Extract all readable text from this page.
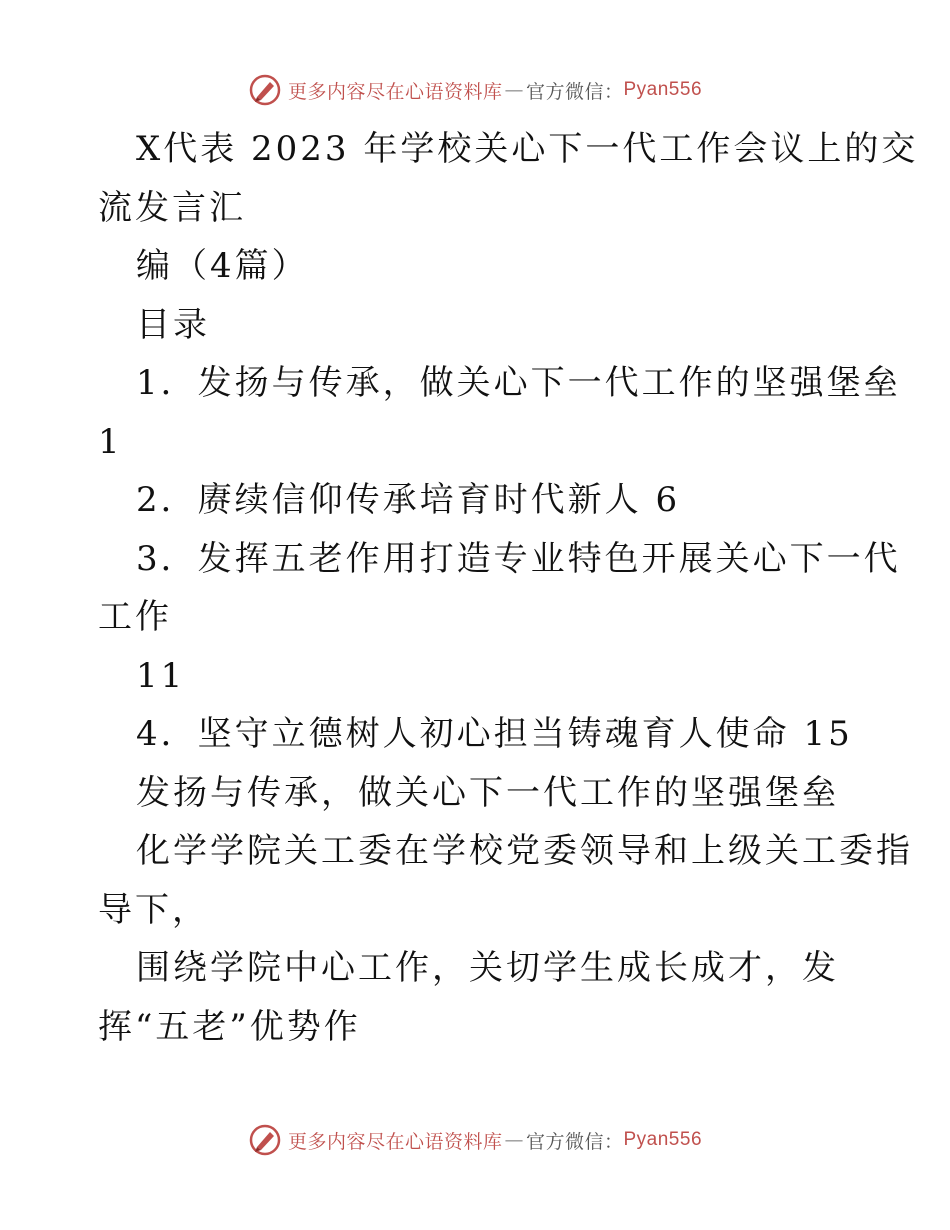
更多内容尽在心语资料库 — 官方微信： Pyan556
X代表 2023 年学校关心下一代工作会议上的交
流发言汇
编（4篇）
目录
1．发扬与传承，做关心下一代工作的坚强堡垒
1
2．赓续信仰传承培育时代新人 6
3．发挥五老作用打造专业特色开展关心下一代
工作
11
4．坚守立德树人初心担当铸魂育人使命 15
发扬与传承，做关心下一代工作的坚强堡垒
化学学院关工委在学校党委领导和上级关工委指
导下，
围绕学院中心工作，关切学生成长成才，发
挥“五老”优势作
更多内容尽在心语资料库 — 官方微信： Pyan556
